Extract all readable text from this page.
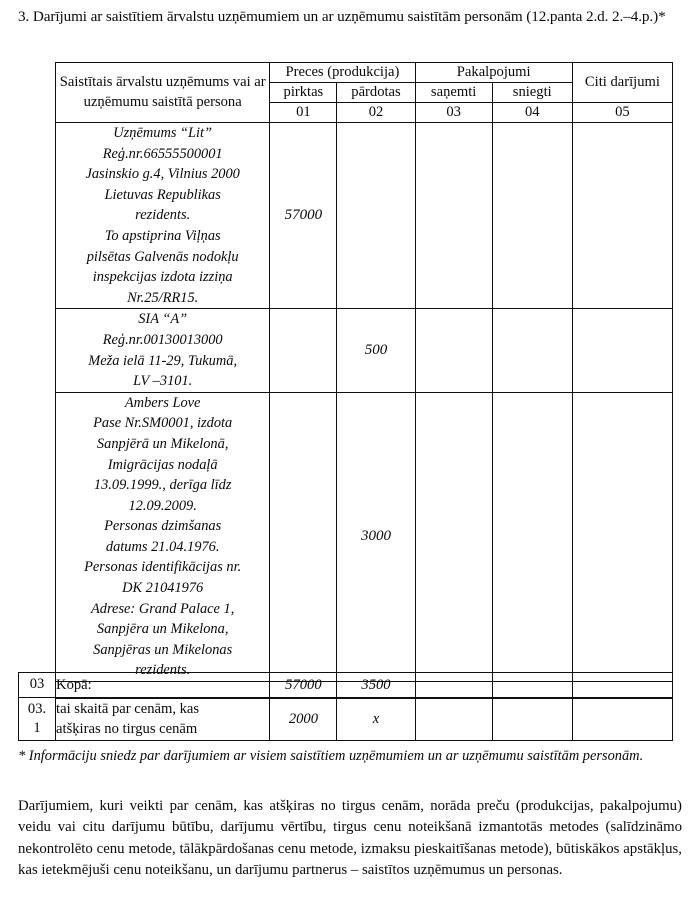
3. Darījumi ar saistītiem ārvalstu uzņēmumiem un ar uzņēmumu saistītām personām (12.panta 2.d. 2.–4.p.)*
Saistītais ārvalstu uzņēmums vai ar uzņēmumu saistītā persona	Preces (produkcija)		Pakalpojumi		Citi darījumi
	pirktas	pārdotas	saņemti	sniegti	
	01	02	03	04	05

Uzņēmums “Lit”
Reģ.nr.66555500001
Jasinskio g.4, Vilnius 2000
Lietuvas Republikas
rezidents.
To apstiprina Viļņas
pilsētas Galvenās nodokļu
inspekcijas izdota izziņa
Nr.25/RR15.
	57000				

SIA “A”
Reģ.nr.00130013000
Meža ielā 11-29, Tukumā,
LV –3101.		500			

Ambers Love
Pase Nr.SM0001, izdota
Sanpjērā un Mikelonā,
Imigrācijas nodaļā
13.09.1999., derīga līdz
12.09.2009.
Personas dzimšanas
datums 21.04.1976.
Personas identifikācijas nr.
DK 21041976
Adrese: Grand Palace 1,
Sanpjēra un Mikelona,
Sanpjēras un Mikelonas
rezidents.
		3000			

03	Kopā:	57000	3500			

03.
1

tai skaitā par cenām, kas
atšķiras no tirgus cenām
	2000	x			
* Informāciju sniedz par darījumiem ar visiem saistītiem uzņēmumiem un ar uzņēmumu saistītām personām.
Darījumiem, kuri veikti par cenām, kas atšķiras no tirgus cenām, norāda preču (produkcijas, pakalpojumu) veidu vai citu darījumu būtību, darījumu vērtību, tirgus cenu noteikšanā izmantotās metodes (salīdzināmo nekontrolēto cenu metode, tālākpārdošanas cenu metode, izmaksu pieskaitīšanas metode), būtiskākos apstākļus, kas ietekmējuši cenu noteikšanu, un darījumu partnerus – saistītos uzņēmumus un personas.
